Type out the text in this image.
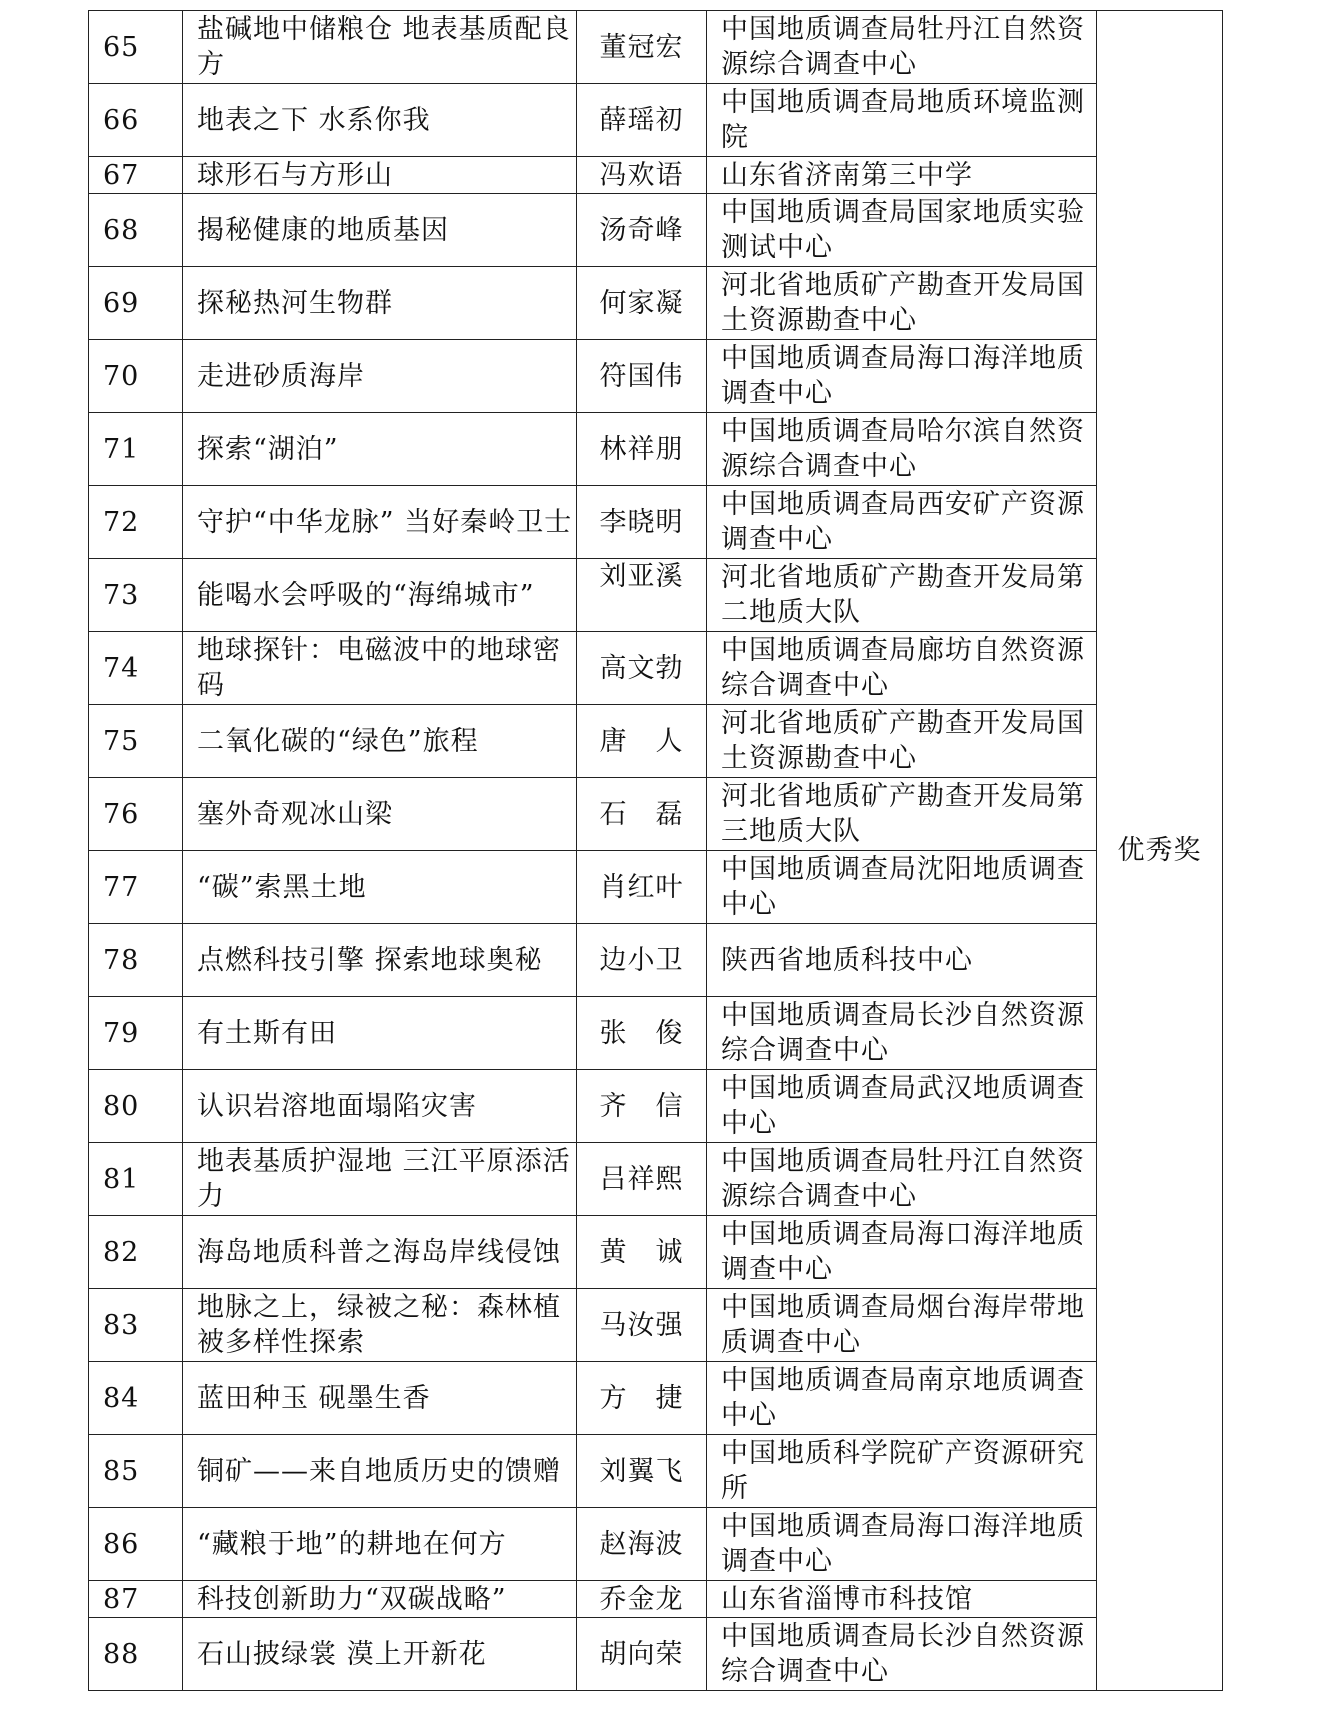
65	盐碱地中储粮仓 地表基质配良方	董冠宏	中国地质调查局牡丹江自然资源综合调查中心	优秀奖
66	地表之下 水系你我	薛瑶初	中国地质调查局地质环境监测院	
67	球形石与方形山	冯欢语	山东省济南第三中学	
68	揭秘健康的地质基因	汤奇峰	中国地质调查局国家地质实验测试中心	
69	探秘热河生物群	何家凝	河北省地质矿产勘查开发局国土资源勘查中心	
70	走进砂质海岸	符国伟	中国地质调查局海口海洋地质调查中心	
71	探索“湖泊”	林祥朋	中国地质调查局哈尔滨自然资源综合调查中心	
72	守护“中华龙脉” 当好秦岭卫士	李晓明	中国地质调查局西安矿产资源调查中心	
73	能喝水会呼吸的“海绵城市”	刘亚溪	河北省地质矿产勘查开发局第二地质大队	
74	地球探针：电磁波中的地球密码	高文勃	中国地质调查局廊坊自然资源综合调查中心	
75	二氧化碳的“绿色”旅程	唐　人	河北省地质矿产勘查开发局国土资源勘查中心	
76	塞外奇观冰山梁	石　磊	河北省地质矿产勘查开发局第三地质大队	
77	“碳”索黑土地	肖红叶	中国地质调查局沈阳地质调查中心	
78	点燃科技引擎 探索地球奥秘	边小卫	陕西省地质科技中心	
79	有土斯有田	张　俊	中国地质调查局长沙自然资源综合调查中心	
80	认识岩溶地面塌陷灾害	齐　信	中国地质调查局武汉地质调查中心	
81	地表基质护湿地 三江平原添活力	吕祥熙	中国地质调查局牡丹江自然资源综合调查中心	
82	海岛地质科普之海岛岸线侵蚀	黄　诚	中国地质调查局海口海洋地质调查中心	
83	地脉之上，绿被之秘：森林植被多样性探索	马汝强	中国地质调查局烟台海岸带地质调查中心	
84	蓝田种玉 砚墨生香	方　捷	中国地质调查局南京地质调查中心	
85	铜矿——来自地质历史的馈赠	刘翼飞	中国地质科学院矿产资源研究所	
86	“藏粮于地”的耕地在何方	赵海波	中国地质调查局海口海洋地质调查中心	
87	科技创新助力“双碳战略”	乔金龙	山东省淄博市科技馆	
88	石山披绿裳 漠上开新花	胡向荣	中国地质调查局长沙自然资源综合调查中心	
